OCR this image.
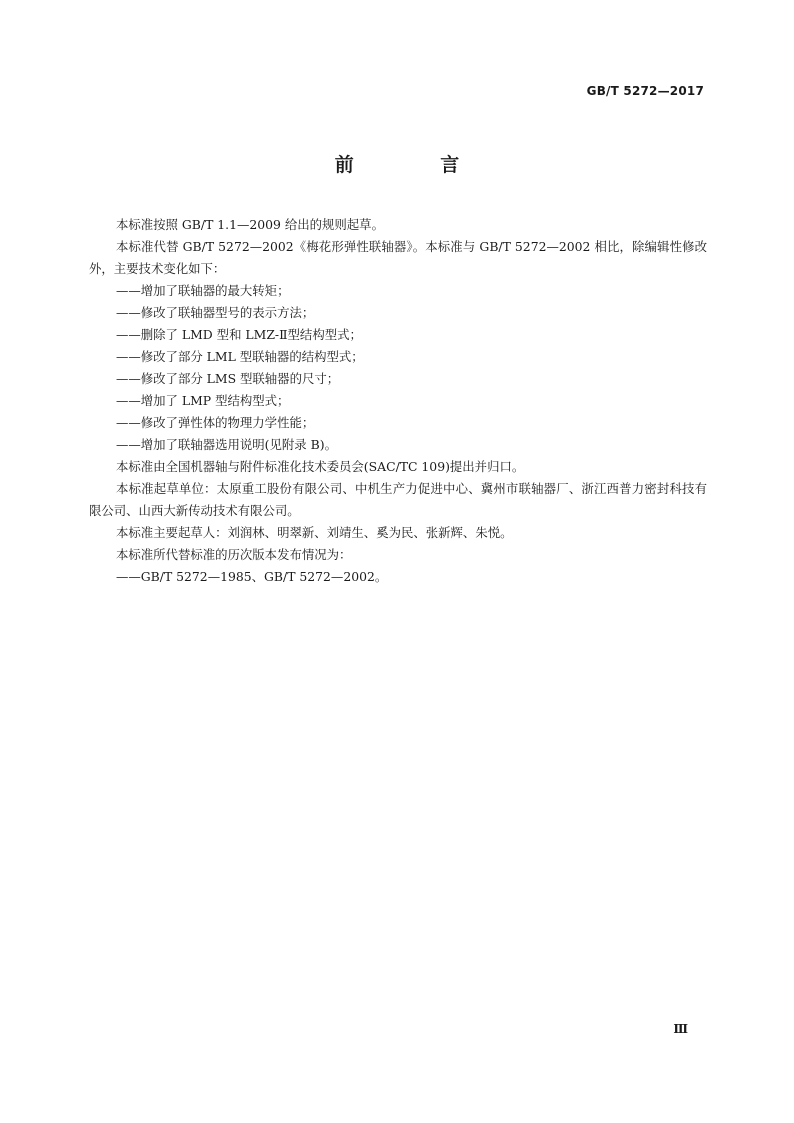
GB/T 5272—2017
前 言

本标准按照 GB/T 1.1—2009 给出的规则起草。

本标准代替 GB/T 5272—2002《梅花形弹性联轴器》。本标准与 GB/T 5272—2002 相比，除编辑性修改外，主要技术变化如下：

——增加了联轴器的最大转矩；

——修改了联轴器型号的表示方法；

——删除了 LMD 型和 LMZ-Ⅱ型结构型式；

——修改了部分 LML 型联轴器的结构型式；

——修改了部分 LMS 型联轴器的尺寸；

——增加了 LMP 型结构型式；

——修改了弹性体的物理力学性能；

——增加了联轴器选用说明(见附录 B)。

本标准由全国机器轴与附件标准化技术委员会(SAC/TC 109)提出并归口。

本标准起草单位：太原重工股份有限公司、中机生产力促进中心、冀州市联轴器厂、浙江西普力密封科技有限公司、山西大新传动技术有限公司。

本标准主要起草人：刘润林、明翠新、刘靖生、奚为民、张新辉、朱悦。

本标准所代替标准的历次版本发布情况为：

——GB/T 5272—1985、GB/T 5272—2002。

Ⅲ
